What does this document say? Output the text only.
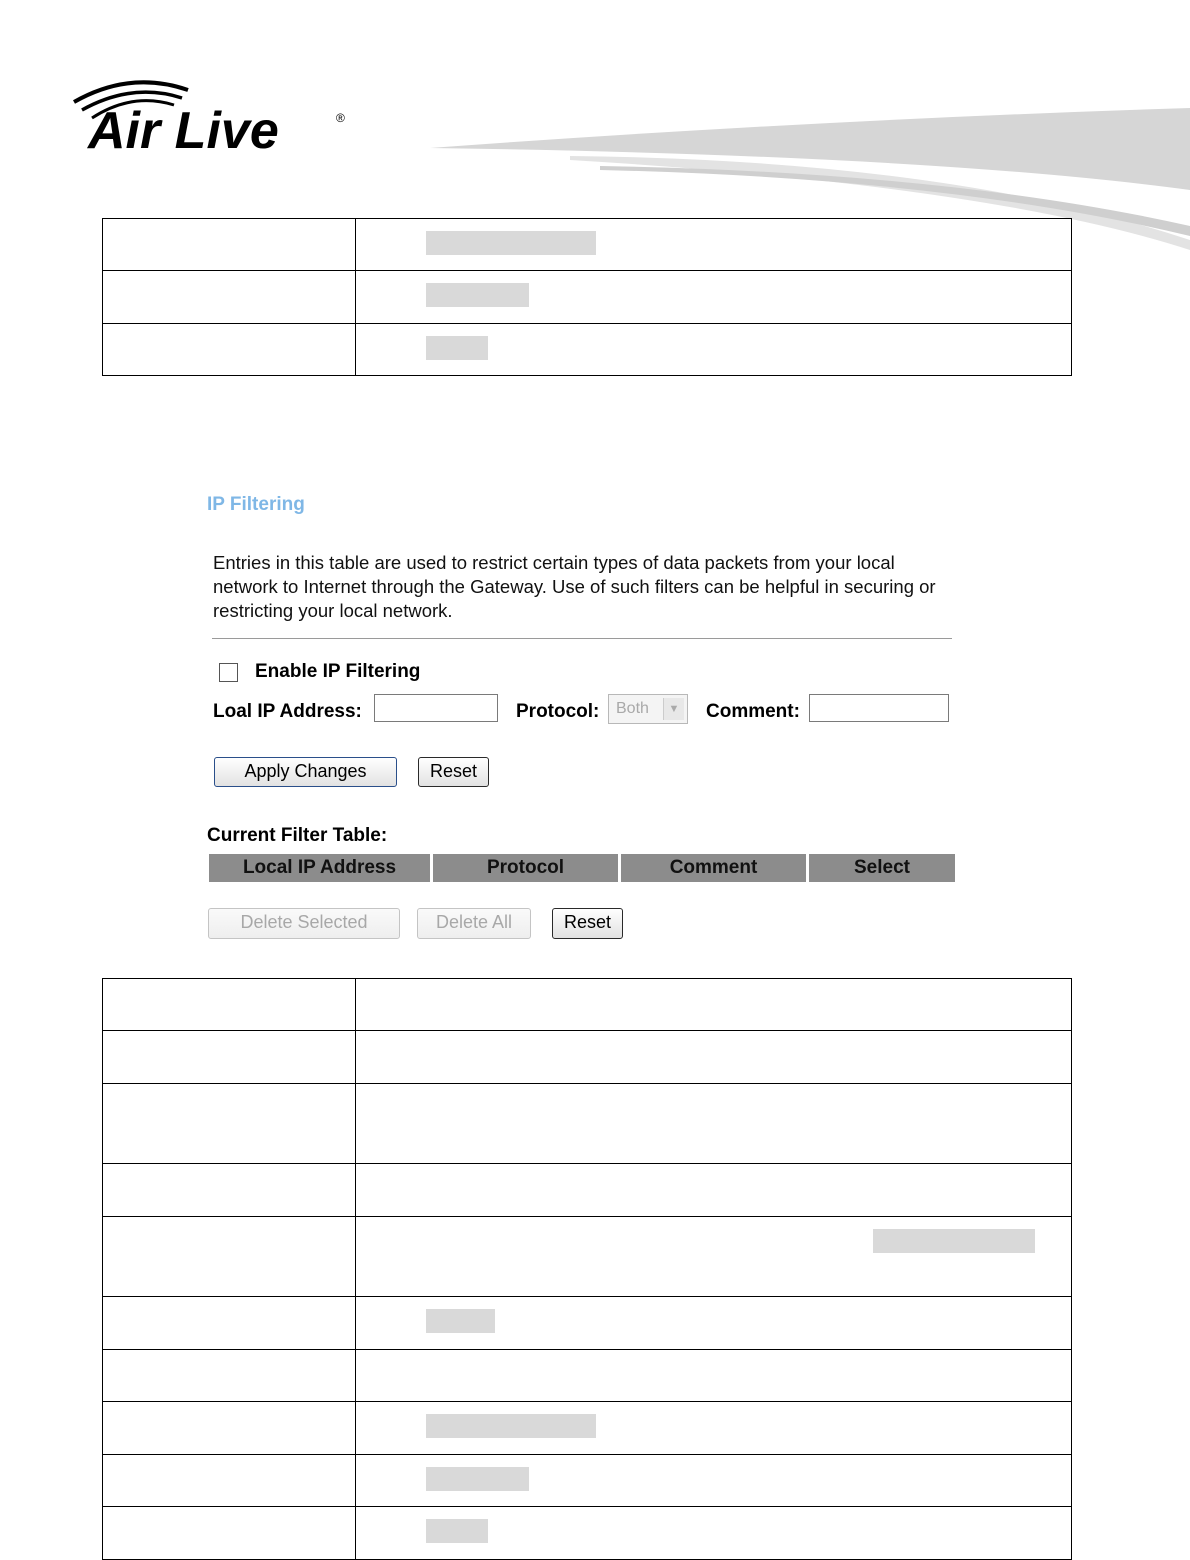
Air Live	®

IP Filtering
Entries in this table are used to restrict certain types of data packets from your local network to Internet through the Gateway. Use of such filters can be helpful in securing or restricting your local network.
Enable IP Filtering
Loal IP Address:	Protocol:	Both	▼ Comment:
Apply Changes	Reset
Current Filter Table:
Local IP Address	Protocol	Comment	Select
Delete Selected	Delete All	Reset
